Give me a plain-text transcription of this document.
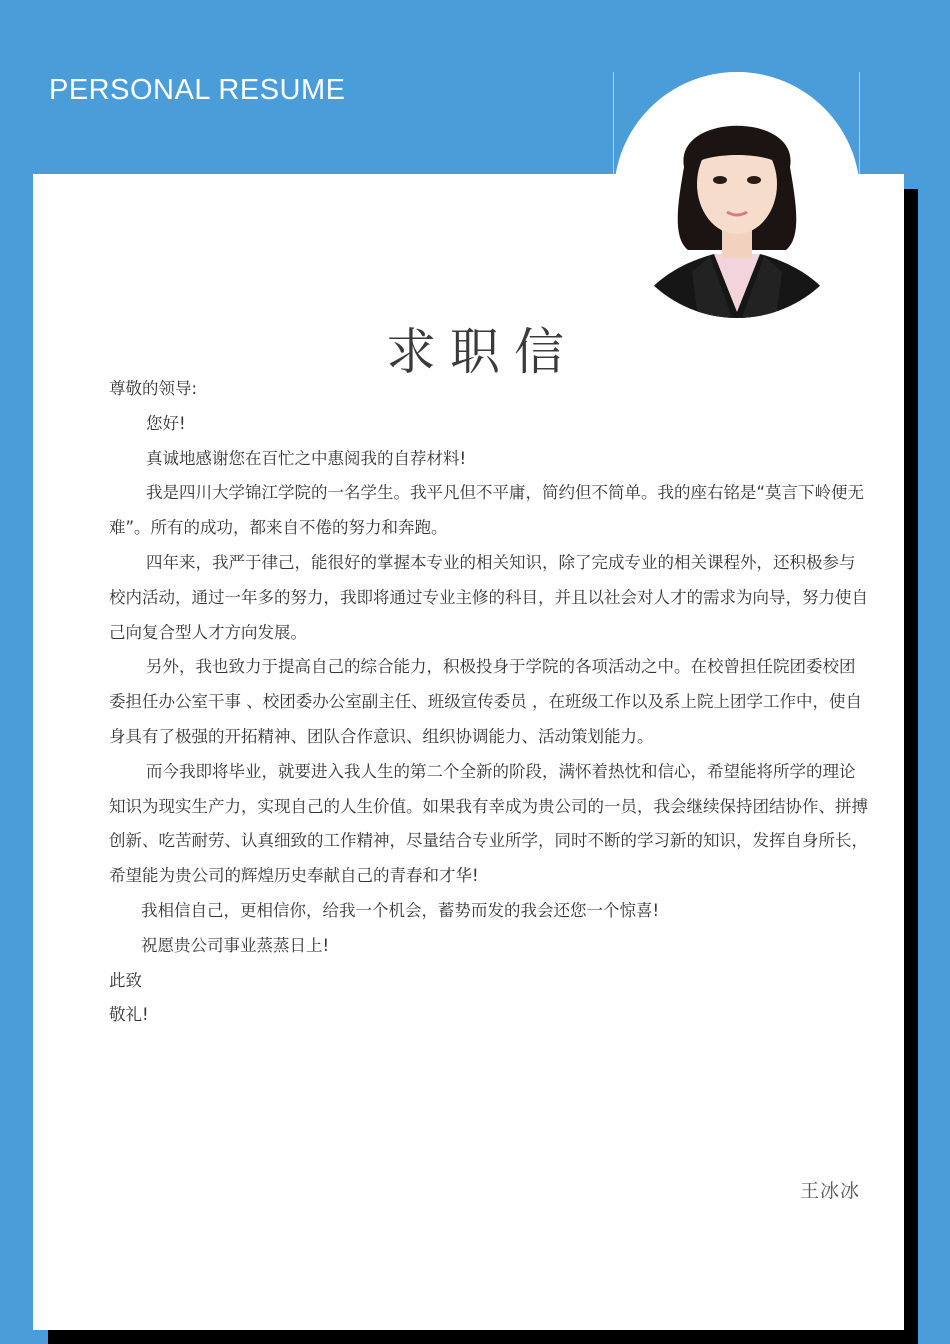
PERSONAL RESUME
求职信

尊敬的领导:

您好!

真诚地感谢您在百忙之中惠阅我的自荐材料!

我是四川大学锦江学院的一名学生。我平凡但不平庸，简约但不简单。我的座右铭是“莫言下岭便无难”。所有的成功，都来自不倦的努力和奔跑。

四年来，我严于律己，能很好的掌握本专业的相关知识，除了完成专业的相关课程外，还积极参与校内活动，通过一年多的努力，我即将通过专业主修的科目，并且以社会对人才的需求为向导，努力使自己向复合型人才方向发展。

另外，我也致力于提高自己的综合能力，积极投身于学院的各项活动之中。在校曾担任院团委校团委担任办公室干事 、校团委办公室副主任、班级宣传委员 ，在班级工作以及系上院上团学工作中，使自身具有了极强的开拓精神、团队合作意识、组织协调能力、活动策划能力。

而今我即将毕业，就要进入我人生的第二个全新的阶段，满怀着热忱和信心，希望能将所学的理论知识为现实生产力，实现自己的人生价值。如果我有幸成为贵公司的一员，我会继续保持团结协作、拼搏创新、吃苦耐劳、认真细致的工作精神，尽量结合专业所学，同时不断的学习新的知识，发挥自身所长，希望能为贵公司的辉煌历史奉献自己的青春和才华!

我相信自己，更相信你，给我一个机会，蓄势而发的我会还您一个惊喜!

祝愿贵公司事业蒸蒸日上!

此致

敬礼!

王冰冰
